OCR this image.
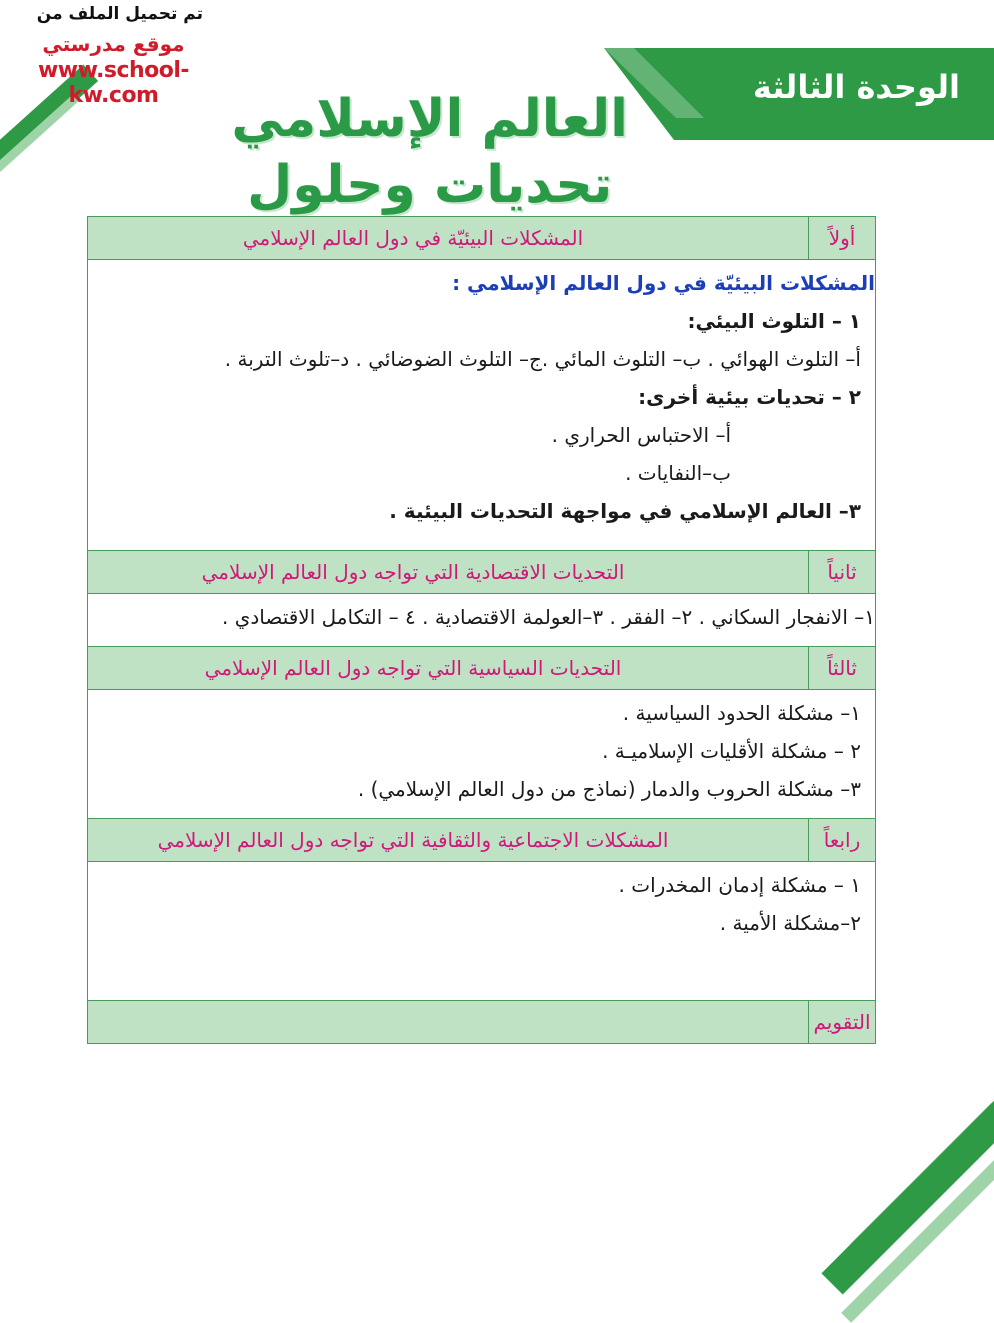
تم تحميل الملف من
موقع مدرستي
www.school-kw.com	الوحدة الثالثة
العالم الإسلامي
تحديات وحلول
أولاً
المشكلات البيئيّة في دول العالم الإسلامي
المشكلات البيئيّة في دول العالم الإسلامي :
١ – التلوث البيئي:
أ– التلوث الهوائي . ب– التلوث المائي .ج– التلوث الضوضائي . د–تلوث التربة .
٢ – تحديات بيئية أخرى:
أ– الاحتباس الحراري .
ب–النفايات .
٣– العالم الإسلامي في مواجهة التحديات البيئية .
ثانياً
التحديات الاقتصادية التي تواجه دول العالم الإسلامي
١– الانفجار السكاني . ٢– الفقر . ٣–العولمة الاقتصادية . ٤ – التكامل الاقتصادي .
ثالثاً
التحديات السياسية التي تواجه دول العالم الإسلامي
١– مشكلة الحدود السياسية .
٢ – مشكلة الأقليات الإسلاميـة .
٣– مشكلة الحروب والدمار (نماذج من دول العالم الإسلامي) .
رابعاً
المشكلات الاجتماعية والثقافية التي تواجه دول العالم الإسلامي
١ – مشكلة إدمان المخدرات .
٢–مشكلة الأمية .
التقويم
